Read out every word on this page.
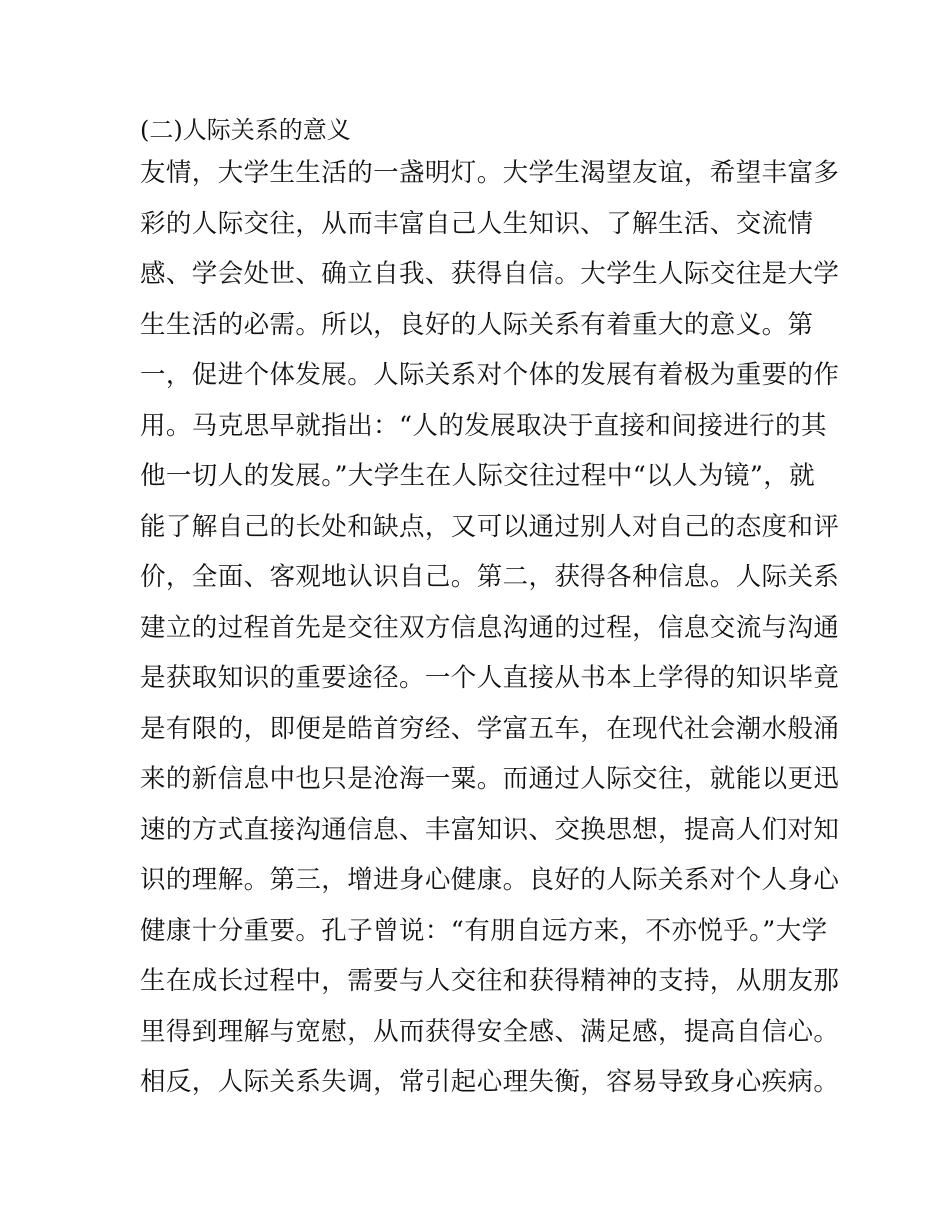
(二)人际关系的意义

友情，大学生生活的一盏明灯。大学生渴望友谊，希望丰富多

彩的人际交往，从而丰富自己人生知识、了解生活、交流情

感、学会处世、确立自我、获得自信。大学生人际交往是大学

生生活的必需。所以，良好的人际关系有着重大的意义。第

一，促进个体发展。人际关系对个体的发展有着极为重要的作

用。马克思早就指出：“人的发展取决于直接和间接进行的其

他一切人的发展。”大学生在人际交往过程中“以人为镜”，就

能了解自己的长处和缺点，又可以通过别人对自己的态度和评

价，全面、客观地认识自己。第二，获得各种信息。人际关系

建立的过程首先是交往双方信息沟通的过程，信息交流与沟通

是获取知识的重要途径。一个人直接从书本上学得的知识毕竟

是有限的，即便是皓首穷经、学富五车，在现代社会潮水般涌

来的新信息中也只是沧海一粟。而通过人际交往，就能以更迅

速的方式直接沟通信息、丰富知识、交换思想，提高人们对知

识的理解。第三，增进身心健康。良好的人际关系对个人身心

健康十分重要。孔子曾说：“有朋自远方来，不亦悦乎。”大学

生在成长过程中，需要与人交往和获得精神的支持，从朋友那

里得到理解与宽慰，从而获得安全感、满足感，提高自信心。

相反，人际关系失调，常引起心理失衡，容易导致身心疾病。
